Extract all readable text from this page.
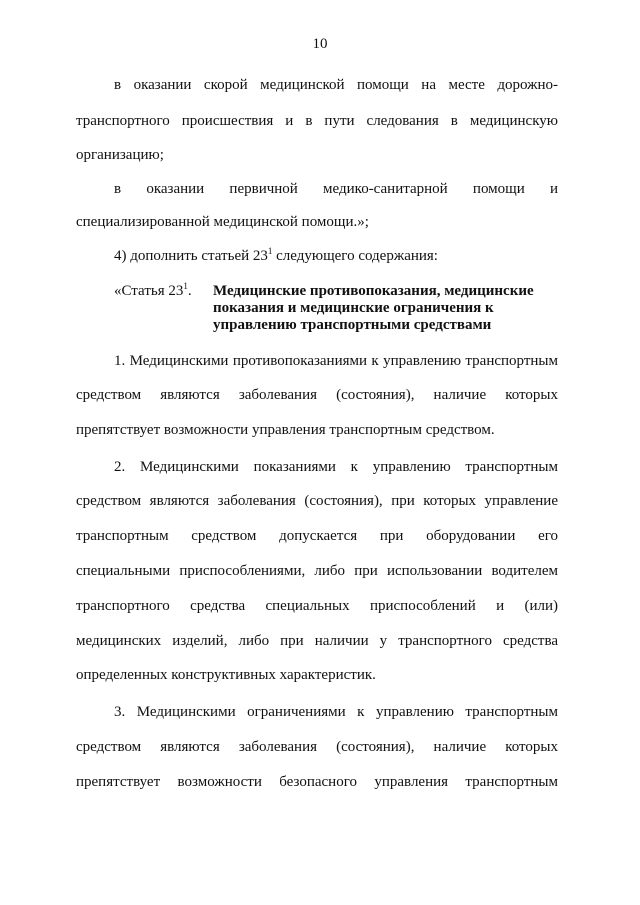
10
в оказании скорой медицинской помощи на месте дорожно-
транспортного происшествия и в пути следования в медицинскую
организацию;
в оказании первичной медико-санитарной помощи и
специализированной медицинской помощи.»;
4) дополнить статьей $23^1$ следующего содержания:
«Статья $23^1$. Медицинские противопоказания, медицинские показания и медицинские ограничения к управлению транспортными средствами
1. Медицинскими противопоказаниями к управлению транспортным
средством являются заболевания (состояния), наличие которых
препятствует возможности управления транспортным средством.
2. Медицинскими показаниями к управлению транспортным
средством являются заболевания (состояния), при которых управление
транспортным средством допускается при оборудовании его
специальными приспособлениями, либо при использовании водителем
транспортного средства специальных приспособлений и (или)
медицинских изделий, либо при наличии у транспортного средства
определенных конструктивных характеристик.
3. Медицинскими ограничениями к управлению транспортным
средством являются заболевания (состояния), наличие которых
препятствует возможности безопасного управления транспортным
